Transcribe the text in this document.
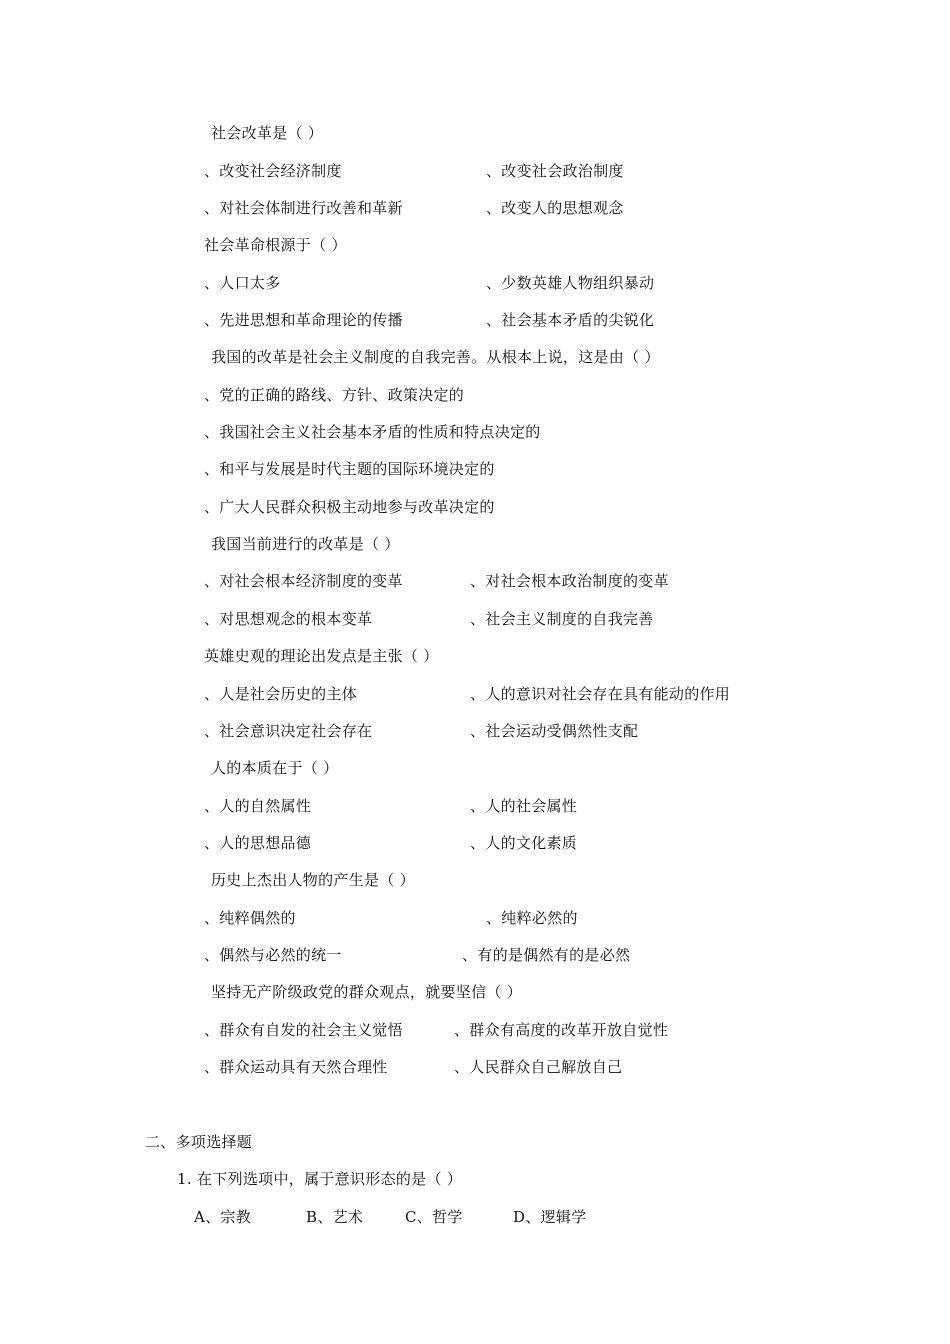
社会改革是（ ）
、改变社会经济制度	、改变社会政治制度
、对社会体制进行改善和革新	、改变人的思想观念
社会革命根源于（ ）
、人口太多	、少数英雄人物组织暴动
、先进思想和革命理论的传播	、社会基本矛盾的尖锐化
我国的改革是社会主义制度的自我完善。从根本上说，这是由（ ）
、党的正确的路线、方针、政策决定的
、我国社会主义社会基本矛盾的性质和特点决定的
、和平与发展是时代主题的国际环境决定的
、广大人民群众积极主动地参与改革决定的
我国当前进行的改革是（ ）
、对社会根本经济制度的变革	、对社会根本政治制度的变革
、对思想观念的根本变革	、社会主义制度的自我完善
英雄史观的理论出发点是主张（ ）
、人是社会历史的主体	、人的意识对社会存在具有能动的作用
、社会意识决定社会存在	、社会运动受偶然性支配
人的本质在于（ ）
、人的自然属性	、人的社会属性
、人的思想品德	、人的文化素质
历史上杰出人物的产生是（ ）
、纯粹偶然的	、纯粹必然的
、偶然与必然的统一	、有的是偶然有的是必然
坚持无产阶级政党的群众观点，就要坚信（ ）
、群众有自发的社会主义觉悟	、群众有高度的改革开放自觉性
、群众运动具有天然合理性	、人民群众自己解放自己
二、多项选择题
1. 在下列选项中，属于意识形态的是（ ）
A、宗教	B、艺术	C、哲学	D、逻辑学
